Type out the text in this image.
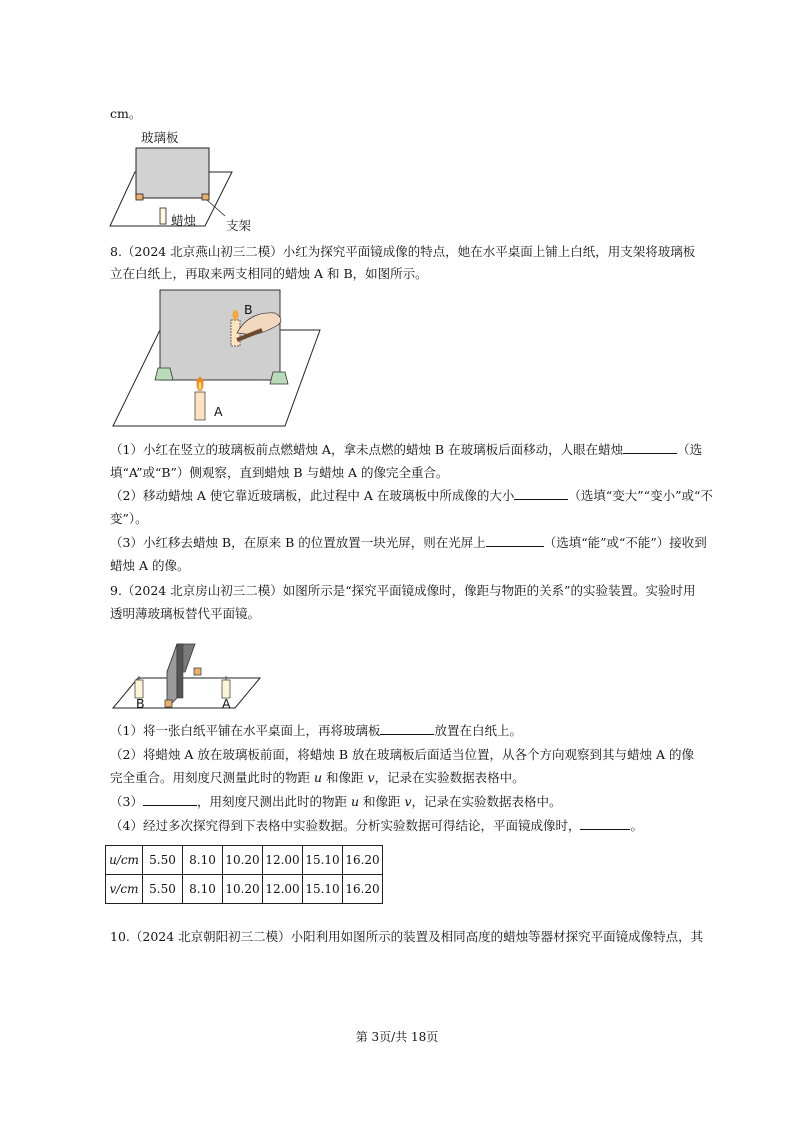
cm。
玻璃板
蜡烛 支架
8.（2024 北京燕山初三二模）小红为探究平面镜成像的特点，她在水平桌面上铺上白纸，用支架将玻璃板
立在白纸上，再取来两支相同的蜡烛 A 和 B，如图所示。
B
A
（1）小红在竖立的玻璃板前点燃蜡烛 A，拿未点燃的蜡烛 B 在玻璃板后面移动，人眼在蜡烛	（选
填“A”或“B”）侧观察，直到蜡烛 B 与蜡烛 A 的像完全重合。
（2）移动蜡烛 A 使它靠近玻璃板，此过程中 A 在玻璃板中所成像的大小	（选填“变大”“变小”或“不
变”）。
（3）小红移去蜡烛 B，在原来 B 的位置放置一块光屏，则在光屏上	（选填“能”或“不能”）接收到
蜡烛 A 的像。
9.（2024 北京房山初三二模）如图所示是“探究平面镜成像时，像距与物距的关系”的实验装置。实验时用
透明薄玻璃板替代平面镜。
B	A
（1）将一张白纸平铺在水平桌面上，再将玻璃板	放置在白纸上。
（2）将蜡烛 A 放在玻璃板前面，将蜡烛 B 放在玻璃板后面适当位置，从各个方向观察到其与蜡烛 A 的像
完全重合。用刻度尺测量此时的物距 u 和像距 v，记录在实验数据表格中。
（3）	，用刻度尺测出此时的物距 u 和像距 v，记录在实验数据表格中。
（4）经过多次探究得到下表格中实验数据。分析实验数据可得结论，平面镜成像时，	。
u/cm	5.50	8.10	10.20	12.00	15.10	16.20
v/cm	5.50	8.10	10.20	12.00	15.10	16.20
10.（2024 北京朝阳初三二模）小阳利用如图所示的装置及相同高度的蜡烛等器材探究平面镜成像特点，其
第 3页/共 18页
